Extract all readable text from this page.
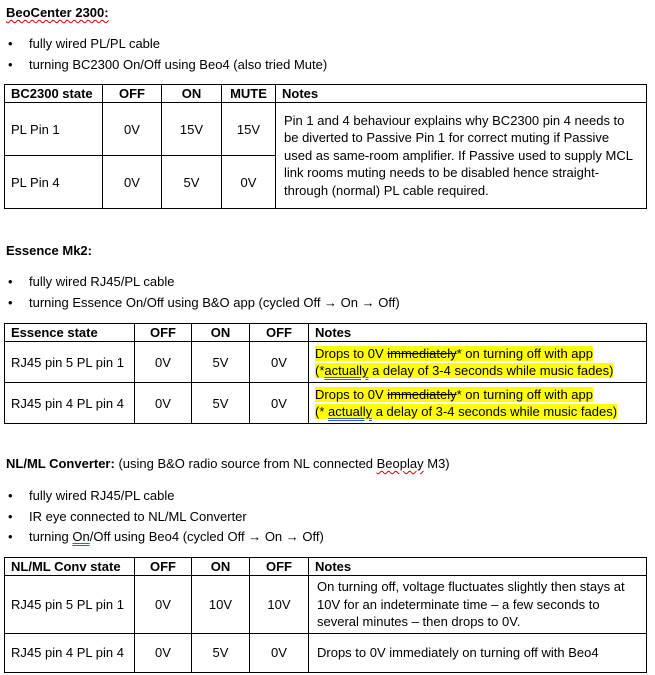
BeoCenter 2300:
• fully wired PL/PL cable
• turning BC2300 On/Off using Beo4 (also tried Mute)
BC2300 state	OFF	ON	MUTE	Notes
PL Pin 1	0V	15V	15V	Pin 1 and 4 behaviour explains why BC2300 pin 4 needs to be diverted to Passive Pin 1 for correct muting if Passive used as same-room amplifier. If Passive used to supply MCL link rooms muting needs to be disabled hence straight-through (normal) PL cable required.
PL Pin 4	0V	5V	0V	
Essence Mk2:
• fully wired RJ45/PL cable
• turning Essence On/Off using B&O app (cycled Off → On → Off)
Essence state	OFF	ON	OFF	Notes
RJ45 pin 5 PL pin 1	0V	5V	0V	Drops to 0V immediately* on turning off with app
(*actually a delay of 3-4 seconds while music fades)
RJ45 pin 4 PL pin 4	0V	5V	0V	Drops to 0V immediately* on turning off with app
(* actually a delay of 3-4 seconds while music fades)
NL/ML Converter: (using B&O radio source from NL connected Beoplay M3)
• fully wired RJ45/PL cable
• IR eye connected to NL/ML Converter
• turning On/Off using Beo4 (cycled Off → On → Off)
NL/ML Conv state	OFF	ON	OFF	Notes
RJ45 pin 5 PL pin 1	0V	10V	10V	On turning off, voltage fluctuates slightly then stays at 10V for an indeterminate time – a few seconds to several minutes – then drops to 0V.
RJ45 pin 4 PL pin 4	0V	5V	0V	Drops to 0V immediately on turning off with Beo4
